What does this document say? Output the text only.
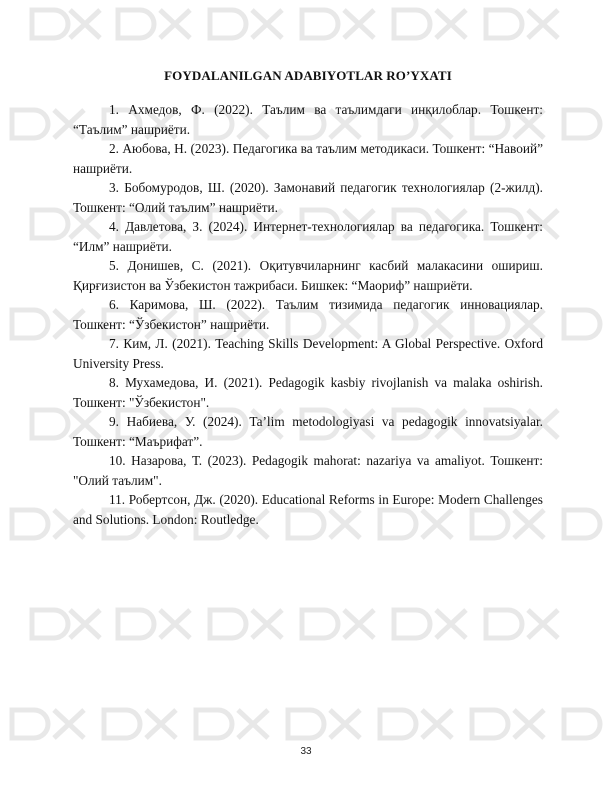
FOYDALANILGAN ADABIYOTLAR RO’YXATI
1. Ахмедов, Ф. (2022). Таълим ва таълимдаги инқилоблар. Тошкент: “Таълим” нашриёти.
2. Аюбова, Н. (2023). Педагогика ва таълим методикаси. Тошкент: “Навоий” нашриёти.
3. Бобомуродов, Ш. (2020). Замонавий педагогик технологиялар (2-жилд). Тошкент: “Олий таълим” нашриёти.
4. Давлетова, З. (2024). Интернет-технологиялар ва педагогика. Тошкент: “Илм” нашриёти.
5. Донишев, С. (2021). Оқитувчиларнинг касбий малакасини ошириш. Қирғизистон ва Ўзбекистон тажрибаси. Бишкек: “Маориф” нашриёти.
6. Каримова, Ш. (2022). Таълим тизимида педагогик инновациялар. Тошкент: “Ўзбекистон” нашриёти.
7. Ким, Л. (2021). Teaching Skills Development: A Global Perspective. Oxford University Press.
8. Мухамедова, И. (2021). Pedagogik kasbiy rivojlanish va malaka oshirish. Тошкент: "Ўзбекистон".
9. Набиева, У. (2024). Ta’lim metodologiyasi va pedagogik innovatsiyalar. Тошкент: “Маърифат”.
10. Назарова, Т. (2023). Pedagogik mahorat: nazariya va amaliyot. Тошкент: "Олий таълим".
11. Робертсон, Дж. (2020). Educational Reforms in Europe: Modern Challenges and Solutions. London: Routledge.
33
